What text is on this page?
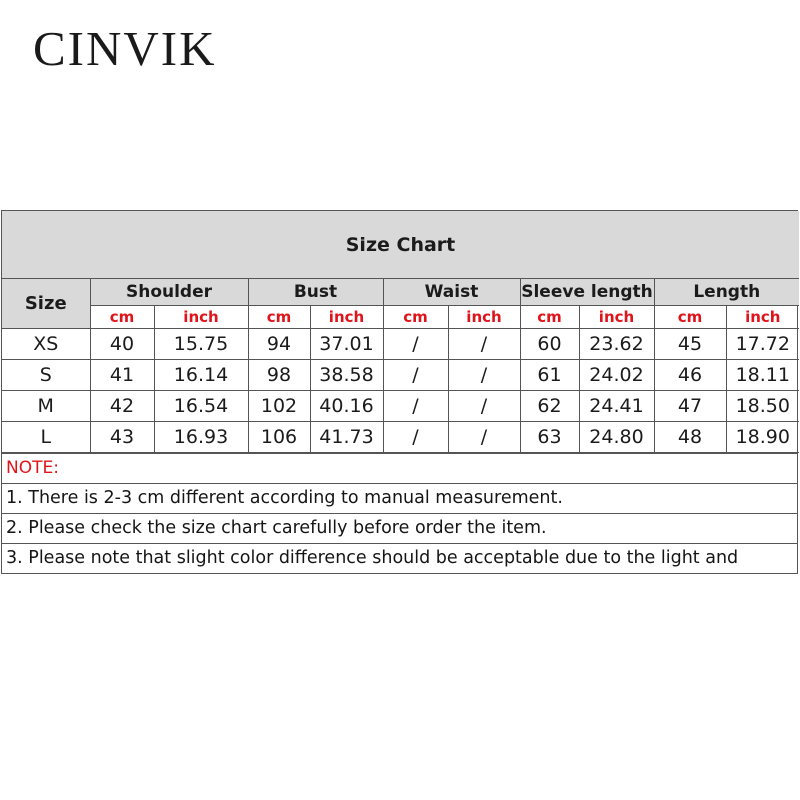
CINVIK
Size Chart										
Size	Shoulder		Bust		Waist		Sleeve length		Length	
	cm	inch	cm	inch	cm	inch	cm	inch	cm	inch
XS	40	15.75	94	37.01	/	/	60	23.62	45	17.72
S	41	16.14	98	38.58	/	/	61	24.02	46	18.11
M	42	16.54	102	40.16	/	/	62	24.41	47	18.50
L	43	16.93	106	41.73	/	/	63	24.80	48	18.90
NOTE:
1. There is 2-3 cm different according to manual measurement.
2. Please check the size chart carefully before order the item.
3. Please note that slight color difference should be acceptable due to the light and
